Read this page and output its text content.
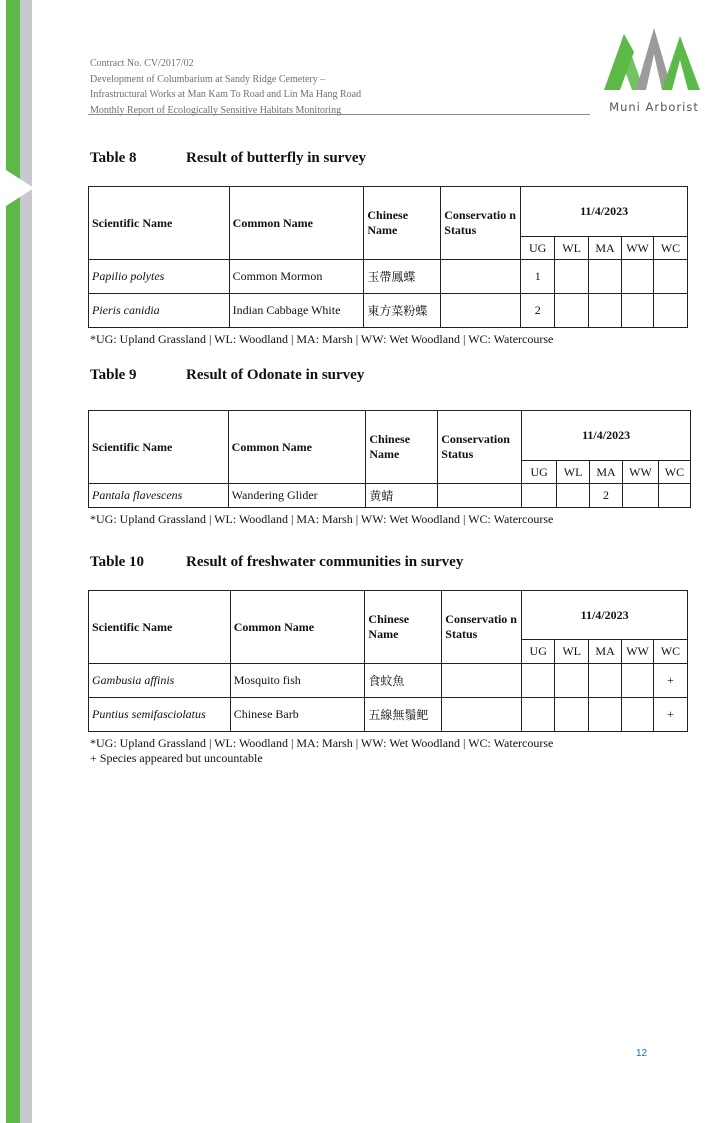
Contract No. CV/2017/02
Development of Columbarium at Sandy Ridge Cemetery –
Infrastructural Works at Man Kam To Road and Lin Ma Hang Road
Monthly Report of Ecologically Sensitive Habitats Monitoring	Muni Arborist
Table 8	Result of butterfly in survey
Scientific Name	Common Name	Chinese Name	Conservatio n Status	11/4/2023				
				UG	WL	MA	WW	WC
Papilio polytes	Common Mormon	玉帶鳳蝶		1				
Pieris canidia	Indian Cabbage White	東方菜粉蝶		2				
*UG: Upland Grassland | WL: Woodland | MA: Marsh | WW: Wet Woodland | WC: Watercourse
Table 9	Result of Odonate in survey
Scientific Name	Common Name	Chinese Name	Conservation Status	11/4/2023				
				UG	WL	MA	WW	WC
Pantala flavescens	Wandering Glider	黄蜻				2		
*UG: Upland Grassland | WL: Woodland | MA: Marsh | WW: Wet Woodland | WC: Watercourse
Table 10	Result of freshwater communities in survey
Scientific Name	Common Name	Chinese Name	Conservatio n Status	11/4/2023				
				UG	WL	MA	WW	WC
Gambusia affinis	Mosquito fish	食蚊魚						+
Puntius semifasciolatus	Chinese Barb	五線無鬚鲃						+
*UG: Upland Grassland | WL: Woodland | MA: Marsh | WW: Wet Woodland | WC: Watercourse
+ Species appeared but uncountable
12
